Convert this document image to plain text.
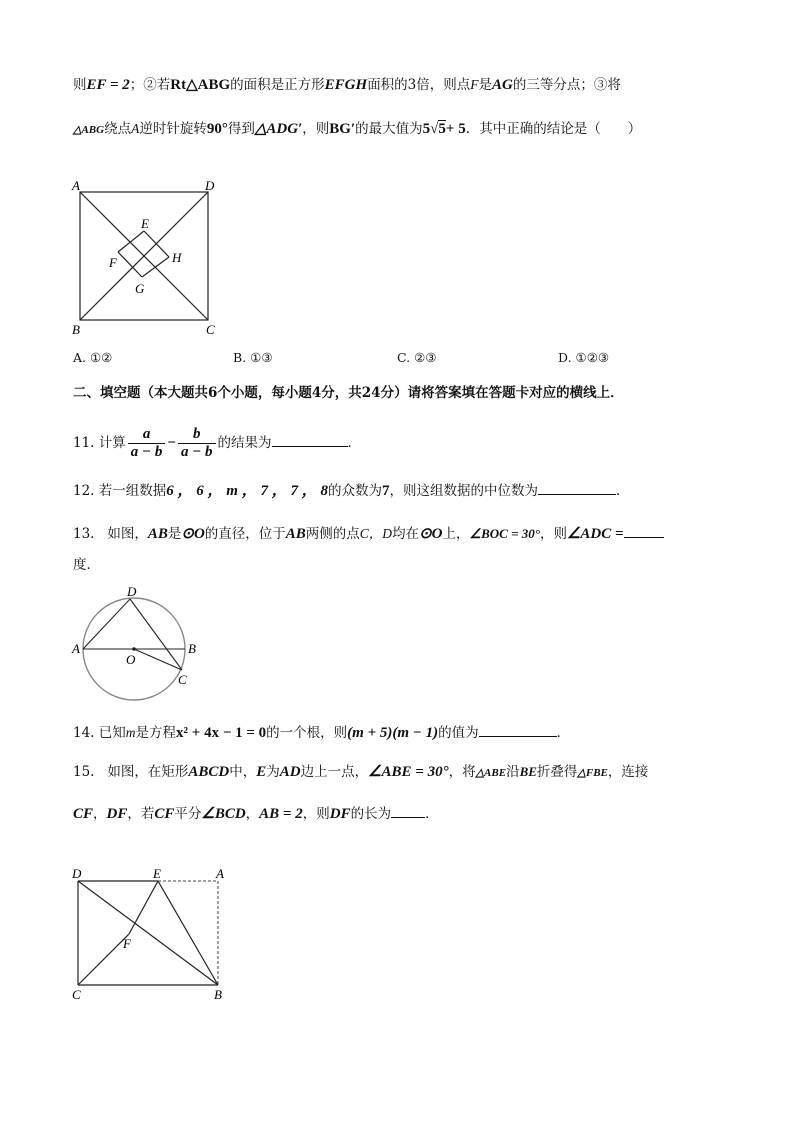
则EF = 2；②若Rt△ABG的面积是正方形EFGH面积的3倍，则点F是AG的三等分点；③将
△ABG绕点A逆时针旋转90°得到△ADG′，则BG′的最大值为5√5+ 5．其中正确的结论是（　　）
A	D
E
F	H
G
B	C
A. ①②	B. ①③	C. ②③	D. ①②③
二、填空题（本大题共6个小题，每小题4分，共24分）请将答案填在答题卡对应的横线上．
11. 计算 $\frac{a}{a - b} - \frac{b}{a - b}$ 的结果为	．
12. 若一组数据6 ， 6 ， m ， 7 ， 7 ， 8的众数为7，则这组数据的中位数为	．
13. 如图，AB是⊙O的直径，位于AB两侧的点C，D均在⊙O上，∠BOC = 30°，则∠ADC =
度．
A	B
C
D
O
14. 已知m是方程x² + 4x − 1 = 0的一个根，则(m + 5)(m − 1)的值为	．
15. 如图，在矩形ABCD中，E为AD边上一点，∠ABE = 30°，将△ABE沿BE折叠得△FBE，连接
CF，DF，若CF平分∠BCD，AB = 2，则DF的长为	．
D	E	A
F
C	B
